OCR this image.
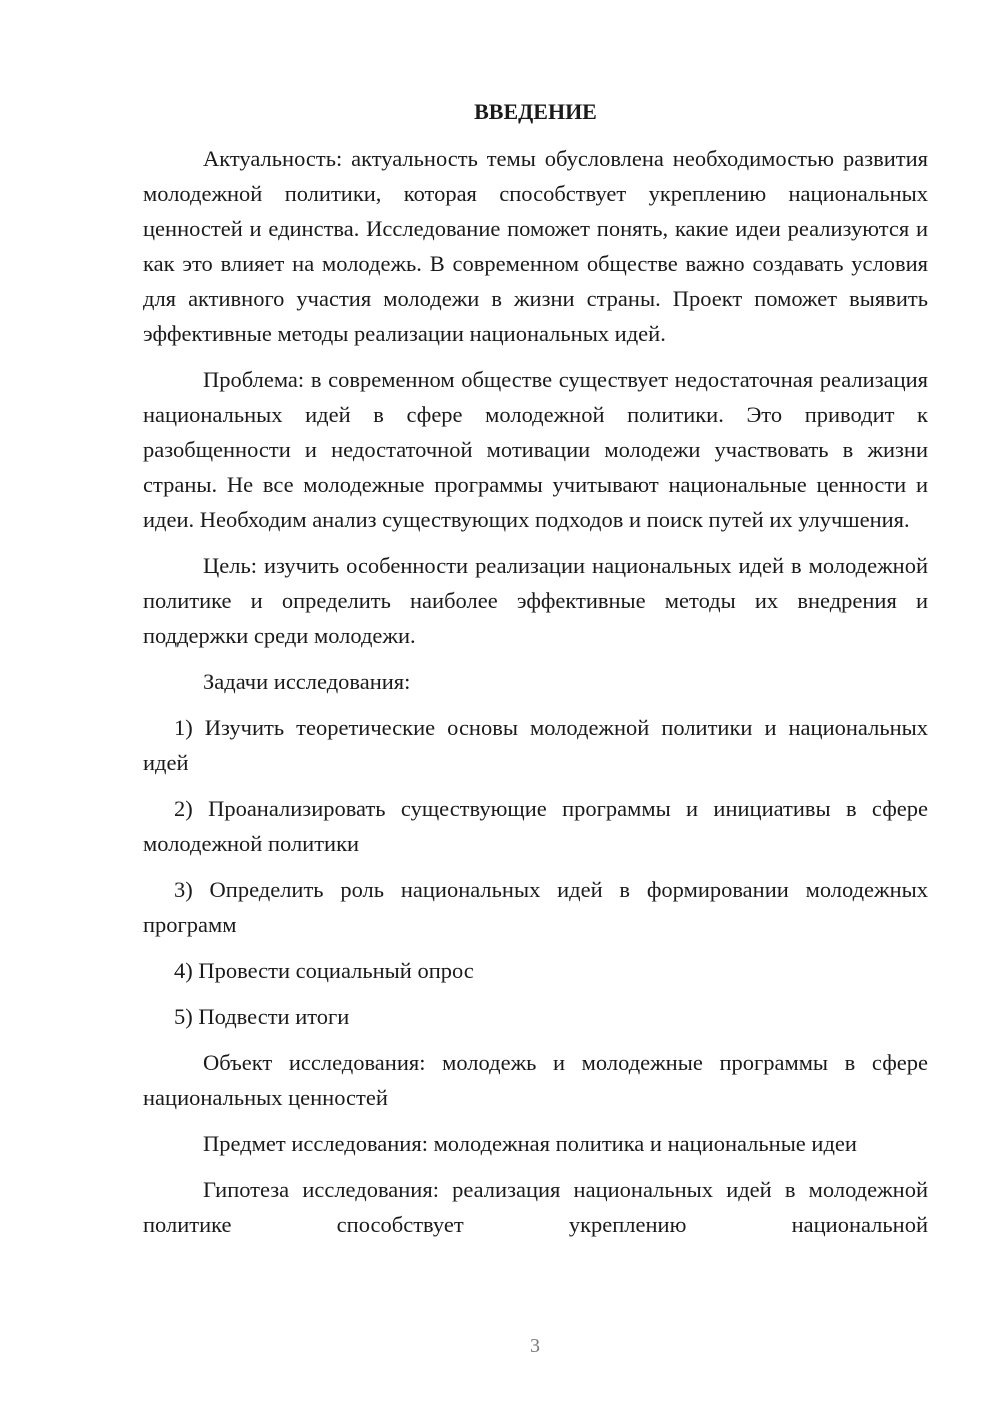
ВВЕДЕНИЕ

Актуальность: актуальность темы обусловлена необходимостью развития молодежной политики, которая способствует укреплению национальных ценностей и единства. Исследование поможет понять, какие идеи реализуются и как это влияет на молодежь. В современном обществе важно создавать условия для активного участия молодежи в жизни страны. Проект поможет выявить эффективные методы реализации национальных идей.

Проблема: в современном обществе существует недостаточная реализация национальных идей в сфере молодежной политики. Это приводит к разобщенности и недостаточной мотивации молодежи участвовать в жизни страны. Не все молодежные программы учитывают национальные ценности и идеи. Необходим анализ существующих подходов и поиск путей их улучшения.

Цель: изучить особенности реализации национальных идей в молодежной политике и определить наиболее эффективные методы их внедрения и поддержки среди молодежи.

Задачи исследования:

1) Изучить теоретические основы молодежной политики и национальных идей

2) Проанализировать существующие программы и инициативы в сфере молодежной политики

3) Определить роль национальных идей в формировании молодежных программ

4) Провести социальный опрос

5) Подвести итоги

Объект исследования: молодежь и молодежные программы в сфере национальных ценностей

Предмет исследования: молодежная политика и национальные идеи

Гипотеза исследования: реализация национальных идей в молодежной политике способствует укреплению национальной

3
